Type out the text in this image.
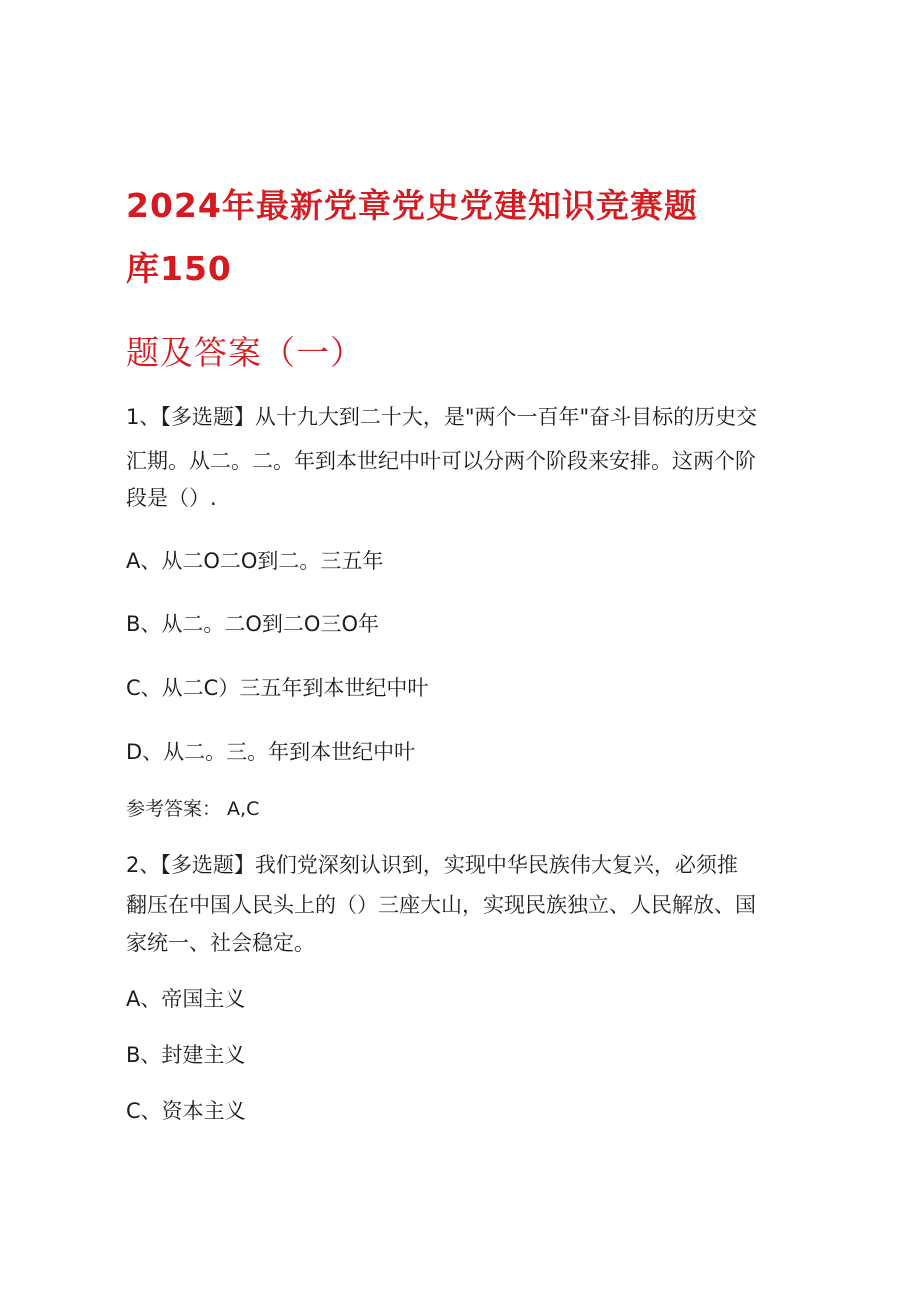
2024年最新党章党史党建知识竞赛题
库150
题及答案（一）
1、【多选题】从十九大到二十大，是"两个一百年"奋斗目标的历史交
汇期。从二。二。年到本世纪中叶可以分两个阶段来安排。这两个阶
段是（）.
A、从二O二O到二。三五年
B、从二。二O到二O三O年
C、从二C）三五年到本世纪中叶
D、从二。三。年到本世纪中叶
参考答案： A,C
2、【多选题】我们党深刻认识到，实现中华民族伟大复兴，必须推
翻压在中国人民头上的（）三座大山，实现民族独立、人民解放、国
家统一、社会稳定。
A、帝国主义
B、封建主义
C、资本主义
